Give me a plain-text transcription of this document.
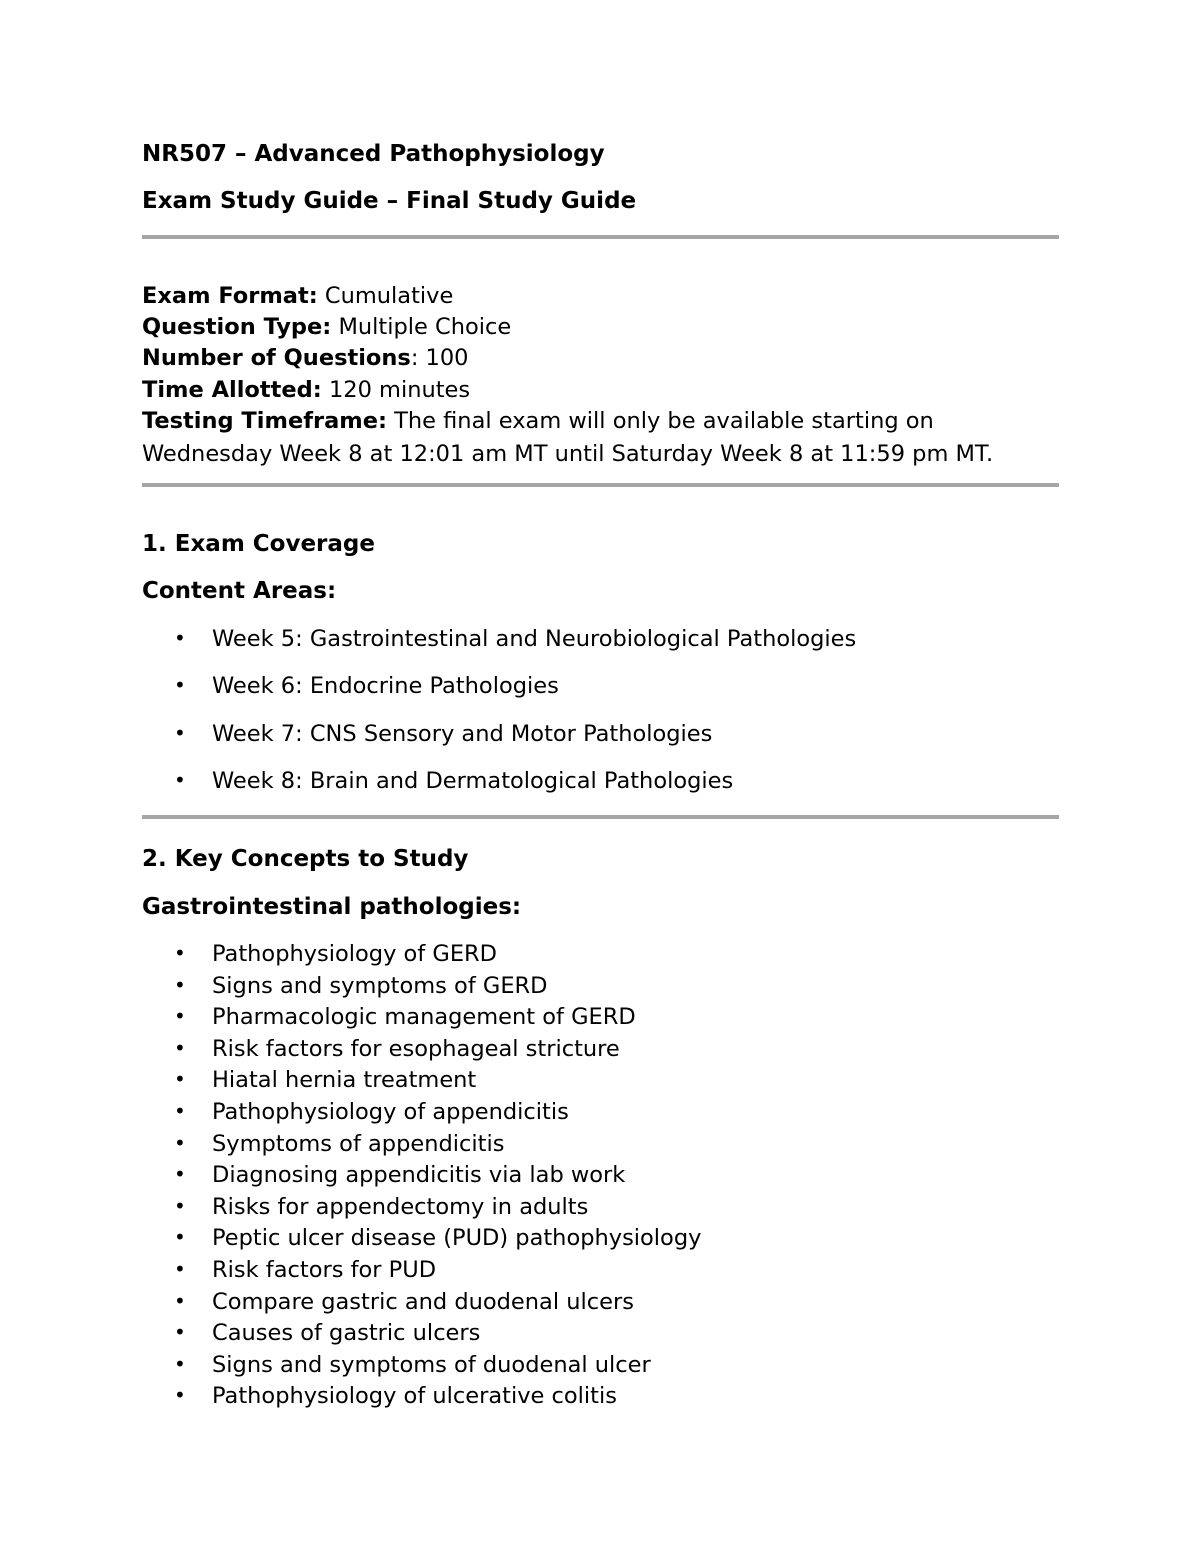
NR507 – Advanced Pathophysiology
Exam Study Guide – Final Study Guide
Exam Format: Cumulative
Question Type: Multiple Choice
Number of Questions: 100
Time Allotted: 120 minutes
Testing Timeframe: The final exam will only be available starting on
Wednesday Week 8 at 12:01 am MT until Saturday Week 8 at 11:59 pm MT.
1. Exam Coverage
Content Areas:
• Week 5: Gastrointestinal and Neurobiological Pathologies
• Week 6: Endocrine Pathologies
• Week 7: CNS Sensory and Motor Pathologies
• Week 8: Brain and Dermatological Pathologies
2. Key Concepts to Study
Gastrointestinal pathologies:
• Pathophysiology of GERD
• Signs and symptoms of GERD
• Pharmacologic management of GERD
• Risk factors for esophageal stricture
• Hiatal hernia treatment
• Pathophysiology of appendicitis
• Symptoms of appendicitis
• Diagnosing appendicitis via lab work
• Risks for appendectomy in adults
• Peptic ulcer disease (PUD) pathophysiology
• Risk factors for PUD
• Compare gastric and duodenal ulcers
• Causes of gastric ulcers
• Signs and symptoms of duodenal ulcer
• Pathophysiology of ulcerative colitis
